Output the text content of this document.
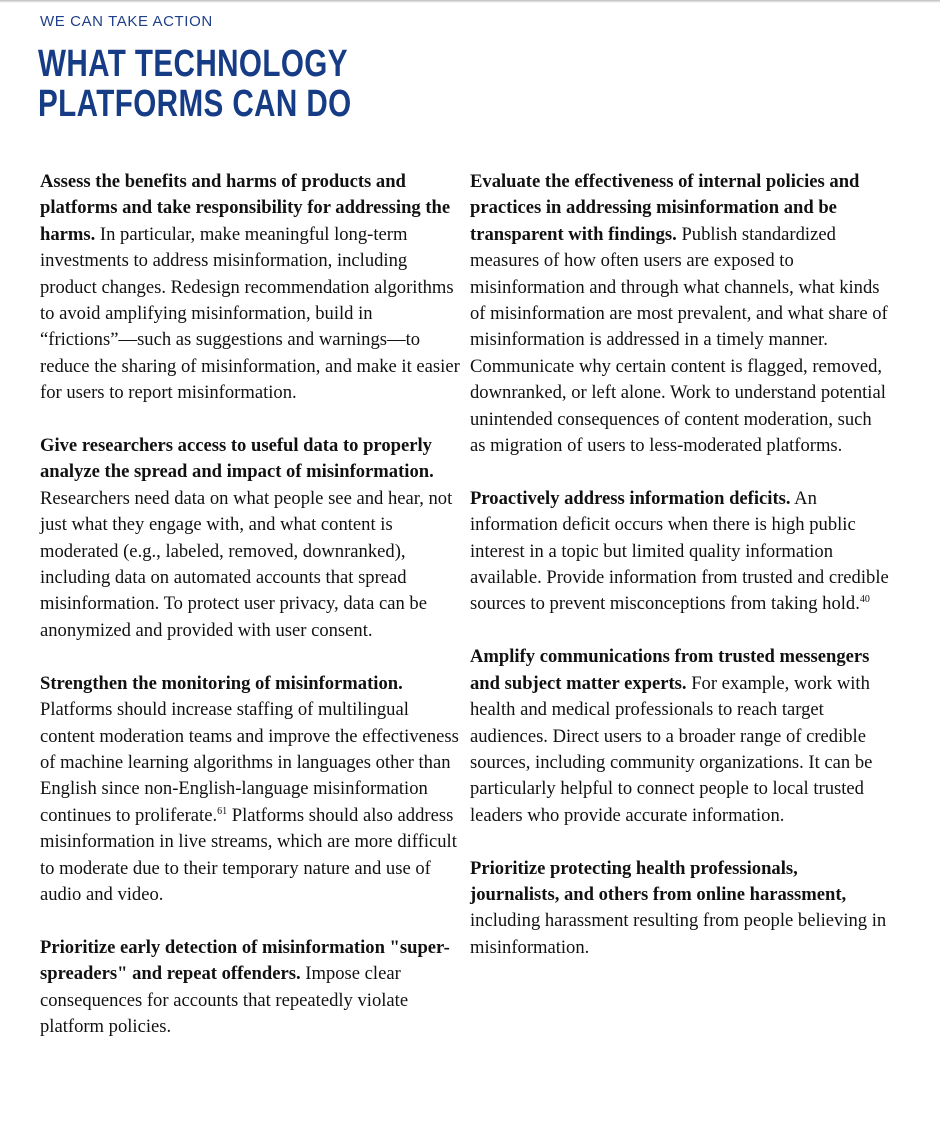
WE CAN TAKE ACTION
WHAT TECHNOLOGY
PLATFORMS CAN DO

Assess the benefits and harms of products and platforms and take responsibility for addressing the harms. In particular, make meaningful long-term investments to address misinformation, including product changes. Redesign recommendation algorithms to avoid amplifying misinformation, build in “frictions”—such as suggestions and warnings—to reduce the sharing of misinformation, and make it easier for users to report misinformation.

Give researchers access to useful data to properly analyze the spread and impact of misinformation. Researchers need data on what people see and hear, not just what they engage with, and what content is moderated (e.g., labeled, removed, downranked), including data on automated accounts that spread misinformation. To protect user privacy, data can be anonymized and provided with user consent.

Strengthen the monitoring of misinformation. Platforms should increase staffing of multilingual content moderation teams and improve the effectiveness of machine learning algorithms in languages other than English since non-English-language misinformation continues to proliferate.$^{61}$ Platforms should also address misinformation in live streams, which are more difficult to moderate due to their temporary nature and use of audio and video.

Prioritize early detection of misinformation "super-spreaders" and repeat offenders. Impose clear consequences for accounts that repeatedly violate platform policies.

Evaluate the effectiveness of internal policies and practices in addressing misinformation and be transparent with findings. Publish standardized measures of how often users are exposed to misinformation and through what channels, what kinds of misinformation are most prevalent, and what share of misinformation is addressed in a timely manner. Communicate why certain content is flagged, removed, downranked, or left alone. Work to understand potential unintended consequences of content moderation, such as migration of users to less-moderated platforms.

Proactively address information deficits. An information deficit occurs when there is high public interest in a topic but limited quality information available. Provide information from trusted and credible sources to prevent misconceptions from taking hold.$^{40}$

Amplify communications from trusted messengers and subject matter experts. For example, work with health and medical professionals to reach target audiences. Direct users to a broader range of credible sources, including community organizations. It can be particularly helpful to connect people to local trusted leaders who provide accurate information.

Prioritize protecting health professionals, journalists, and others from online harassment, including harassment resulting from people believing in misinformation.
